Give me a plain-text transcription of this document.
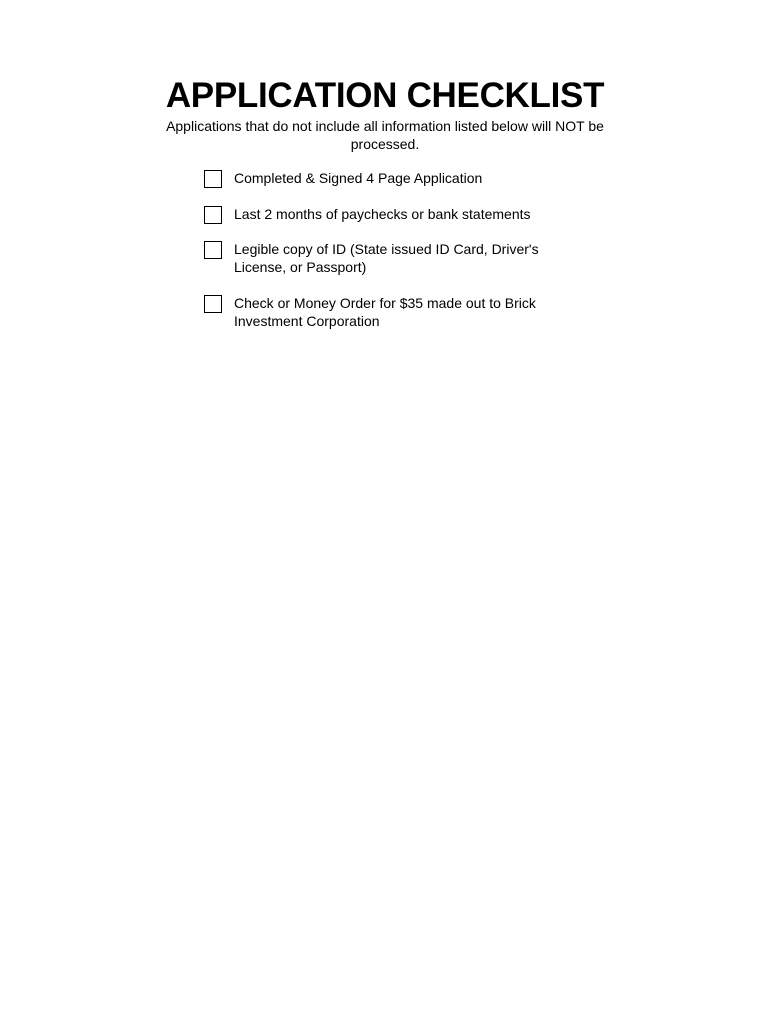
APPLICATION CHECKLIST

Applications that do not include all information listed below will NOT be processed.

Completed & Signed 4 Page Application
Last 2 months of paychecks or bank statements
Legible copy of ID (State issued ID Card, Driver's License, or Passport)
Check or Money Order for $35 made out to Brick Investment Corporation
